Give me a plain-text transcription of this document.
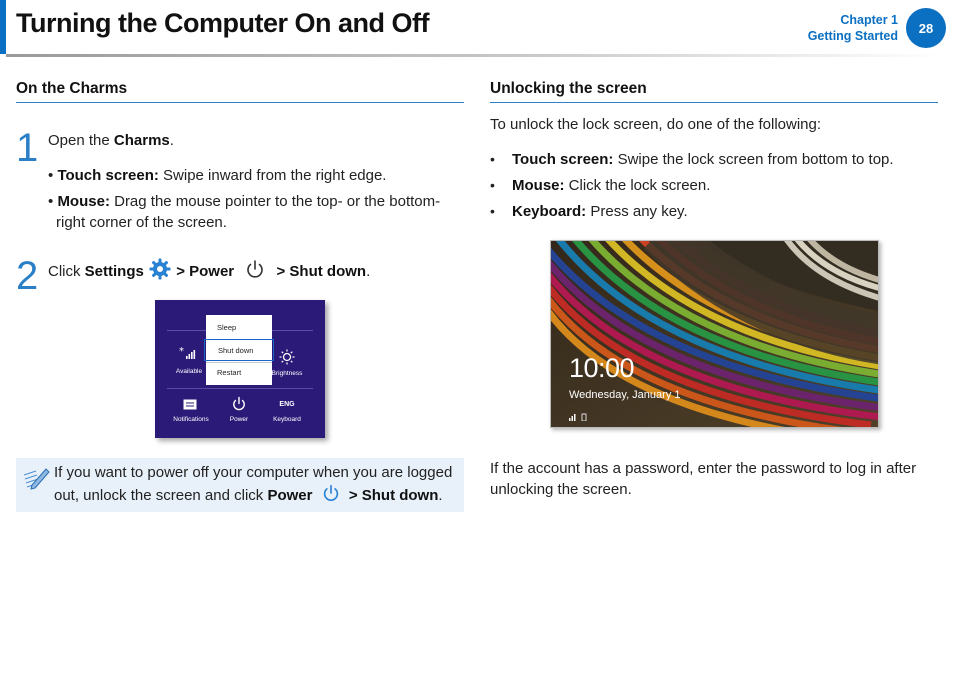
Turning the Computer On and Off	Chapter 1
Getting Started
28
On the Charms
1 Open the Charms.
• Touch screen: Swipe inward from the right edge.
• Mouse: Drag the mouse pointer to the top- or the bottom-
right corner of the screen.
2 Click Settings > Power	> Shut down.
*
Available	Brightness
Sleep
Shut down
Restart
Notifications	Power
ENG
Keyboard
If you want to power off your computer when you are logged
out, unlock the screen and click Power > Shut down.
Unlocking the screen
To unlock the lock screen, do one of the following:
• Touch screen: Swipe the lock screen from bottom to top.
• Mouse: Click the lock screen.
• Keyboard: Press any key.
10:00
Wednesday, January 1
If the account has a password, enter the password to log in after
unlocking the screen.
